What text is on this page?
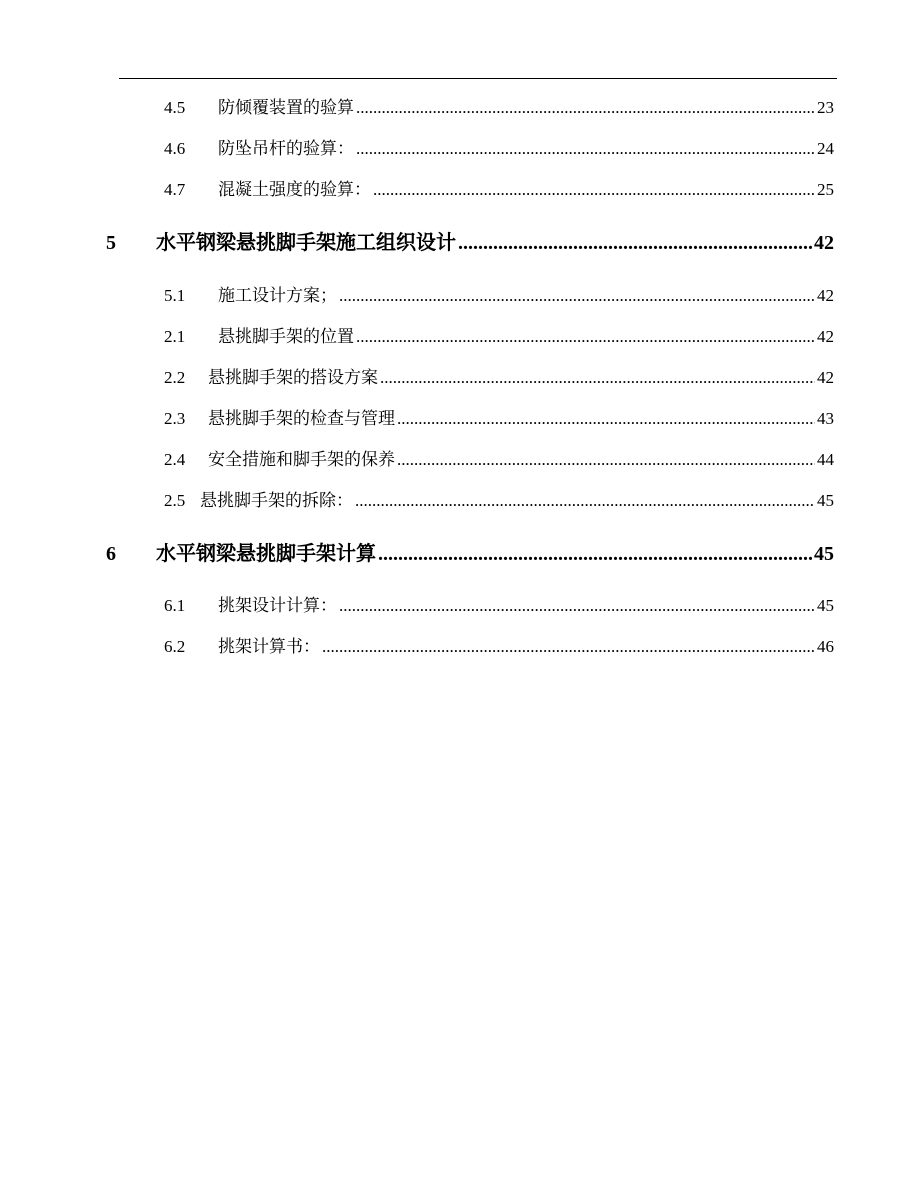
4.5	防倾覆装置的验算 .....	23
4.6	防坠吊杆的验算： .....	24
4.7	混凝土强度的验算： .....	25
5	水平钢梁悬挑脚手架施工组织设计 .....	42
5.1	施工设计方案； .....	42
2.1	悬挑脚手架的位置 .....	42
2.2	悬挑脚手架的搭设方案 .....	42
2.3	悬挑脚手架的检查与管理 .....	43
2.4	安全措施和脚手架的保养 .....	44
2.5 悬挑脚手架的拆除： .....	45
6	水平钢梁悬挑脚手架计算 .....	45
6.1	挑架设计计算： .....	45
6.2	挑架计算书： .....	46
